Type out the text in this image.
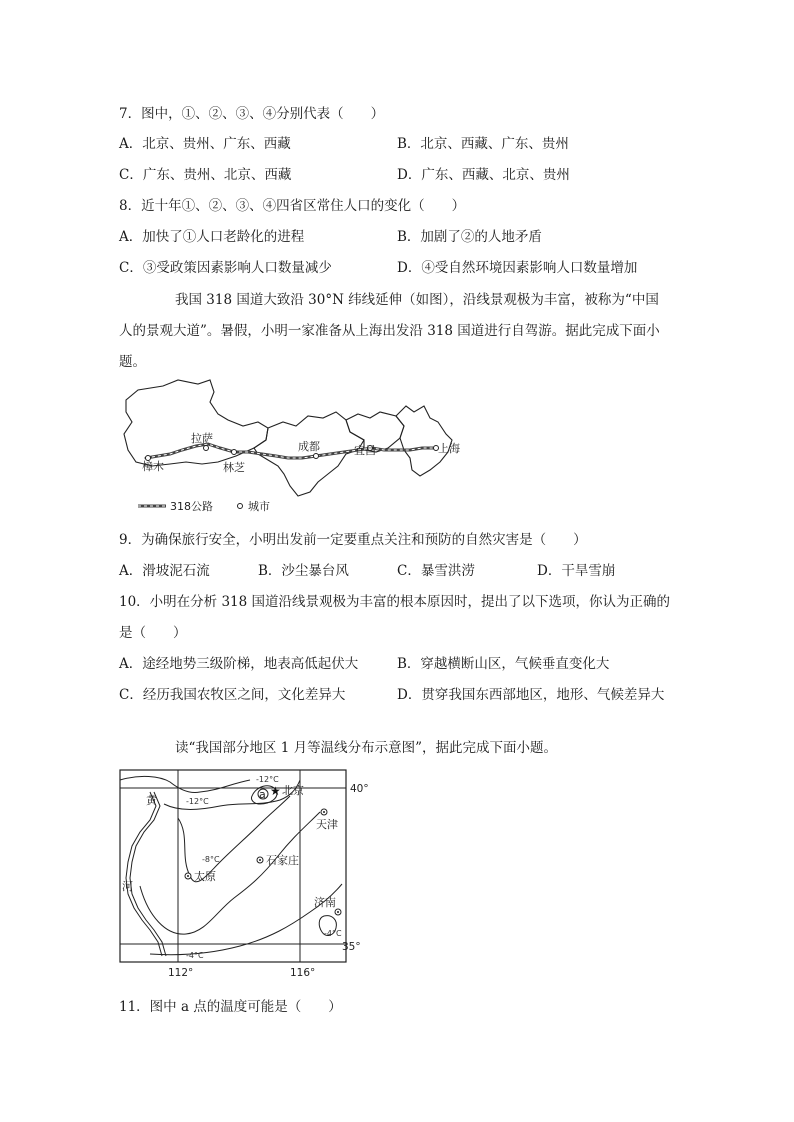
7．图中，①、②、③、④分别代表（　　）
A．北京、贵州、广东、西藏	B．北京、西藏、广东、贵州
C．广东、贵州、北京、西藏	D．广东、西藏、北京、贵州
8．近十年①、②、③、④四省区常住人口的变化（　　）
A．加快了①人口老龄化的进程	B．加剧了②的人地矛盾
C．③受政策因素影响人口数量减少	D．④受自然环境因素影响人口数量增加
我国 318 国道大致沿 30°N 纬线延伸（如图），沿线景观极为丰富，被称为“中国
人的景观大道”。暑假，小明一家准备从上海出发沿 318 国道进行自驾游。据此完成下面小
题。
拉萨
樟木	林芝
成都	宜昌	上海
318公路	城市
9．为确保旅行安全，小明出发前一定要重点关注和预防的自然灾害是（　　）
A．滑坡泥石流	B．沙尘暴台风	C．暴雪洪涝	D．干旱雪崩
10．小明在分析 318 国道沿线景观极为丰富的根本原因时，提出了以下选项，你认为正确的
是（　　）
A．途经地势三级阶梯，地表高低起伏大	B．穿越横断山区，气候垂直变化大
C．经历我国农牧区之间，文化差异大	D．贯穿我国东西部地区，地形、气候差异大
读“我国部分地区 1 月等温线分布示意图”，据此完成下面小题。
a ★ 北京
天津
石家庄
太原
济南
黄
河
-12°C
-12°C
-8°C
-4°C
-4°C
40°
35°
112°	116°
11．图中 a 点的温度可能是（　　）
